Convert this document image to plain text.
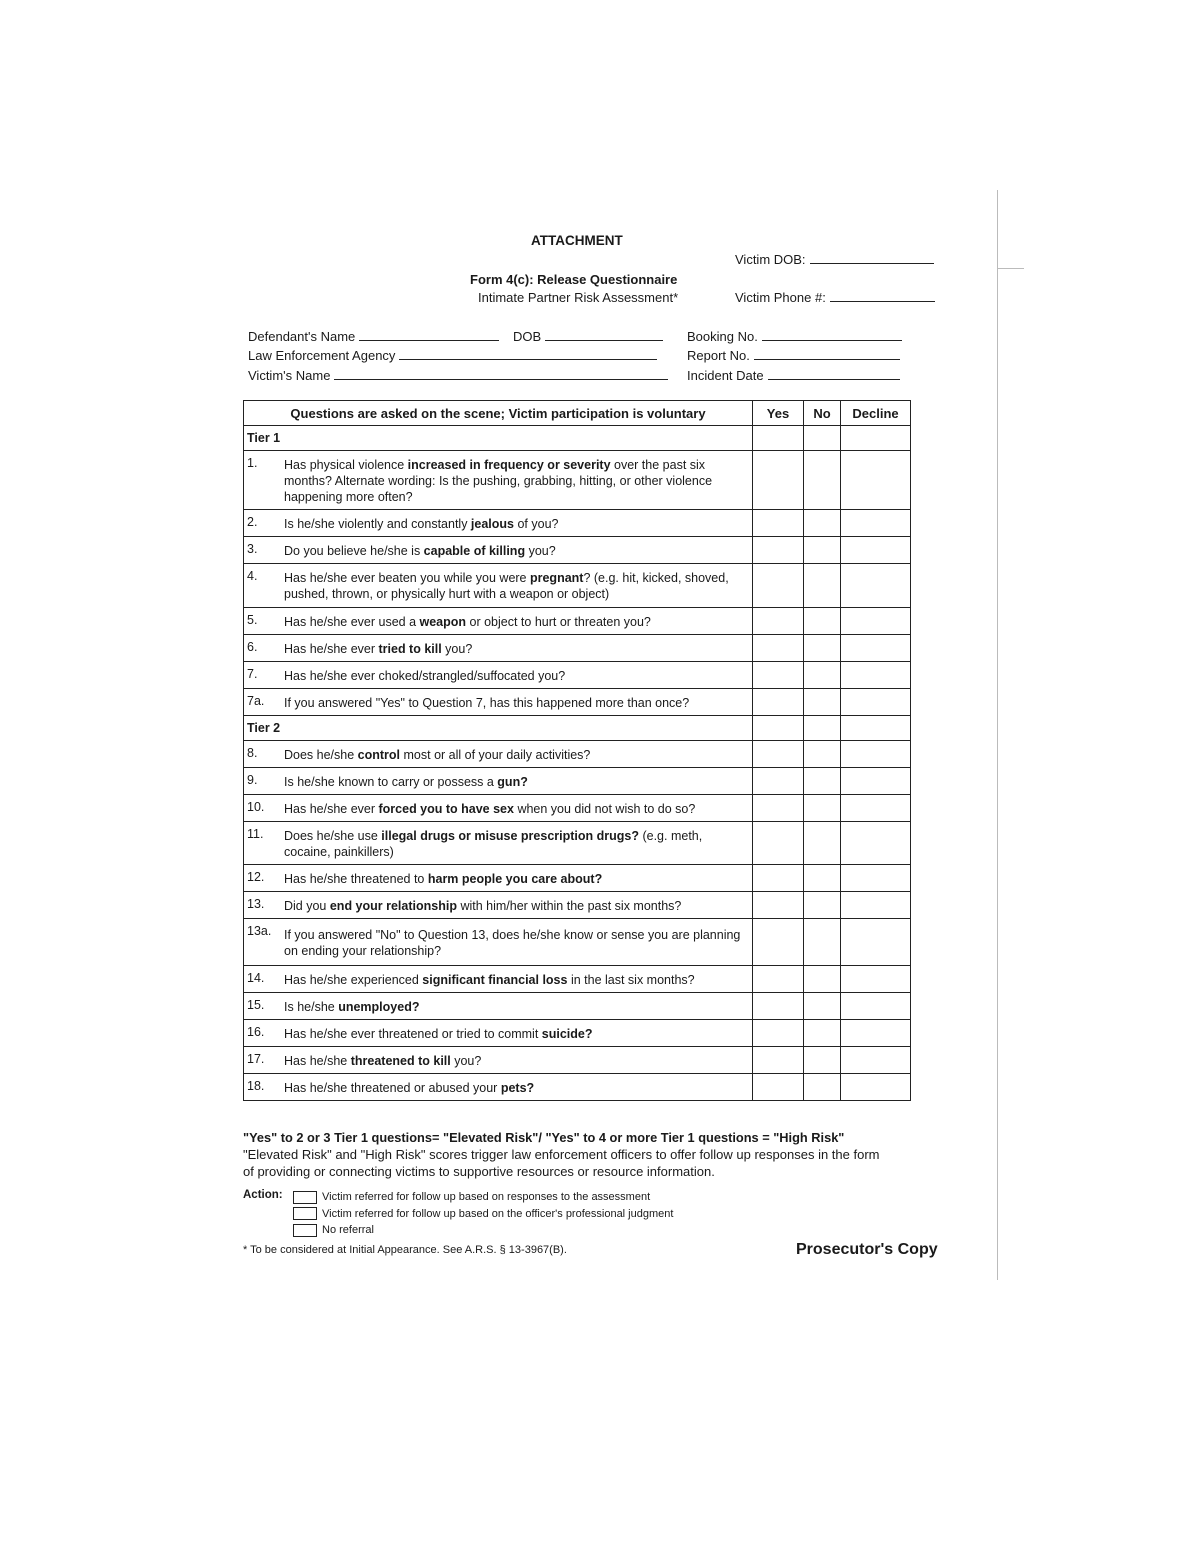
ATTACHMENT
Victim DOB:
Form 4(c): Release Questionnaire
Intimate Partner Risk Assessment*	Victim Phone #:
Defendant's Name	DOB
Law Enforcement Agency
Victim's Name
Booking No.
Report No.
Incident Date
Questions are asked on the scene; Victim participation is voluntary		Yes	No	Decline
Tier 1				
1.	Has physical violence increased in frequency or severity over the past six months? Alternate wording: Is the pushing, grabbing, hitting, or other violence happening more often?			
2.	Is he/she violently and constantly jealous of you?			
3.	Do you believe he/she is capable of killing you?			
4.	Has he/she ever beaten you while you were pregnant? (e.g. hit, kicked, shoved, pushed, thrown, or physically hurt with a weapon or object)			
5.	Has he/she ever used a weapon or object to hurt or threaten you?			
6.	Has he/she ever tried to kill you?			
7.	Has he/she ever choked/strangled/suffocated you?			
7a.	If you answered "Yes" to Question 7, has this happened more than once?			
Tier 2				
8.	Does he/she control most or all of your daily activities?			
9.	Is he/she known to carry or possess a gun?			
10.	Has he/she ever forced you to have sex when you did not wish to do so?			
11.	Does he/she use illegal drugs or misuse prescription drugs? (e.g. meth, cocaine, painkillers)			
12.	Has he/she threatened to harm people you care about?			
13.	Did you end your relationship with him/her within the past six months?			
13a.	If you answered "No" to Question 13, does he/she know or sense you are planning on ending your relationship?			
14.	Has he/she experienced significant financial loss in the last six months?			
15.	Is he/she unemployed?			
16.	Has he/she ever threatened or tried to commit suicide?			
17.	Has he/she threatened to kill you?			
18.	Has he/she threatened or abused your pets?			
"Yes" to 2 or 3 Tier 1 questions= "Elevated Risk"/ "Yes" to 4 or more Tier 1 questions = "High Risk"
"Elevated Risk" and "High Risk" scores trigger law enforcement officers to offer follow up responses in the form of providing or connecting victims to supportive resources or resource information.
Action:	Victim referred for follow up based on responses to the assessment
Victim referred for follow up based on the officer's professional judgment
No referral
* To be considered at Initial Appearance. See A.R.S. § 13-3967(B).	Prosecutor's Copy
